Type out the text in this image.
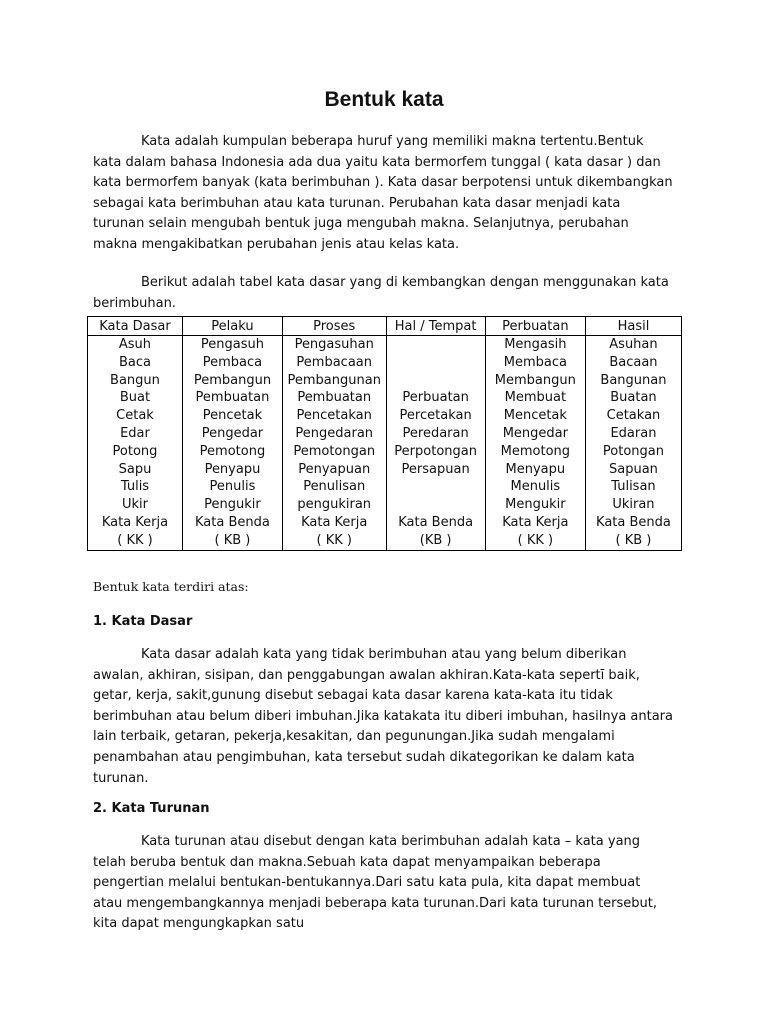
Bentuk kata

Kata adalah kumpulan beberapa huruf yang memiliki makna tertentu.Bentuk kata dalam bahasa Indonesia ada dua yaitu kata bermorfem tunggal ( kata dasar ) dan kata bermorfem banyak (kata berimbuhan ). Kata dasar berpotensi untuk dikembangkan sebagai kata berimbuhan atau kata turunan. Perubahan kata dasar menjadi kata turunan selain mengubah bentuk juga mengubah makna. Selanjutnya, perubahan makna mengakibatkan perubahan jenis atau kelas kata.

Berikut adalah tabel kata dasar yang di kembangkan dengan menggunakan kata berimbuhan.

Kata Dasar	Pelaku	Proses	Hal / Tempat	Perbuatan	Hasil
Asuh	Pengasuh	Pengasuhan		Mengasih	Asuhan
Baca	Pembaca	Pembacaan		Membaca	Bacaan
Bangun	Pembangun	Pembangunan		Membangun	Bangunan
Buat	Pembuatan	Pembuatan	Perbuatan	Membuat	Buatan
Cetak	Pencetak	Pencetakan	Percetakan	Mencetak	Cetakan
Edar	Pengedar	Pengedaran	Peredaran	Mengedar	Edaran
Potong	Pemotong	Pemotongan	Perpotongan	Memotong	Potongan
Sapu	Penyapu	Penyapuan	Persapuan	Menyapu	Sapuan
Tulis	Penulis	Penulisan		Menulis	Tulisan
Ukir	Pengukir	pengukiran		Mengukir	Ukiran
Kata Kerja	Kata Benda	Kata Kerja	Kata Benda	Kata Kerja	Kata Benda
( KK )	( KB )	( KK )	(KB )	( KK )	( KB )

Bentuk kata terdiri atas:

1. Kata Dasar

Kata dasar adalah kata yang tidak berimbuhan atau yang belum diberikan awalan, akhiran, sisipan, dan penggabungan awalan akhiran.Kata-kata sepertī baik, getar, kerja, sakit,gunung disebut sebagai kata dasar karena kata-kata itu tidak berimbuhan atau belum diberi imbuhan.Jika katakata itu diberi imbuhan, hasilnya antara lain terbaik, getaran, pekerja,kesakitan, dan pegunungan.Jika sudah mengalami penambahan atau pengimbuhan, kata tersebut sudah dikategorikan ke dalam kata turunan.

2. Kata Turunan

Kata turunan atau disebut dengan kata berimbuhan adalah kata – kata yang telah beruba bentuk dan makna.Sebuah kata dapat menyampaikan beberapa pengertian melalui bentukan-bentukannya.Dari satu kata pula, kita dapat membuat atau mengembangkannya menjadi beberapa kata turunan.Dari kata turunan tersebut, kita dapat mengungkapkan satu
